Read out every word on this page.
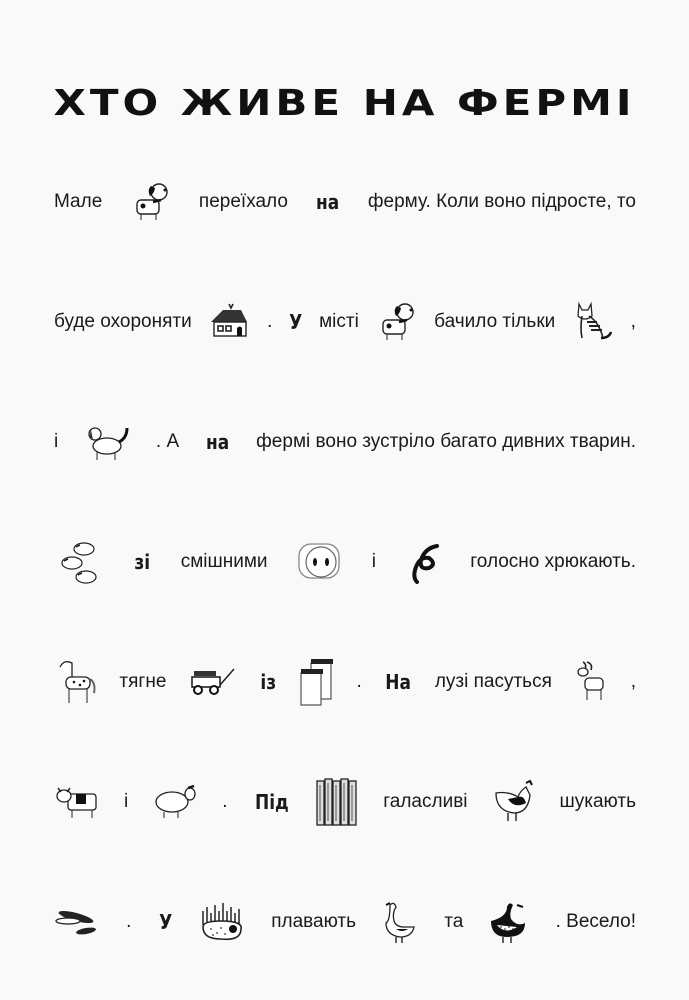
ХТО ЖИВЕ НА ФЕРМІ
Мале	переїхало на ферму. Коли воно підросте, то
буде охороняти	. У місті	бачило тільки	,
і	. А на фермі воно зустріло багато дивних тварин.
зі смішними	і	голосно хрюкають.
тягне	із	. На лузі пасуться	,
і	. Під	галасливі	шукають
. У	плавають	та	. Весело!
